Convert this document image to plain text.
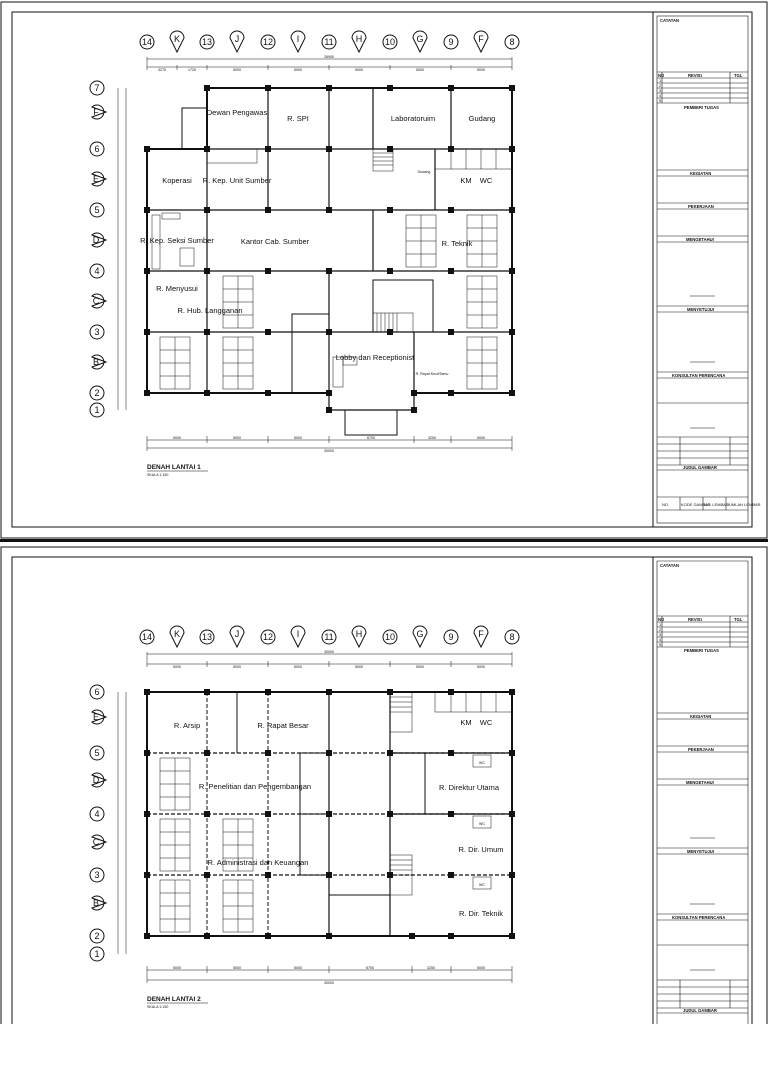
CATATAN
NO	REVISI	TGL
1
2
3
4
5
PEMBERI TUGAS
KEGIATAN
PEKERJAAN
MENGETAHUI
MENYETUJUI
KONSULTAN PERENCANA
JUDUL GAMBAR
NO.	KODE GAMBAR
NO. LEMBAR
JUMLAH LEMBAR
14 K 13	J	12	I	11 H	10 G	9	F	8
26900
3275	1725	5000	5000	5000	5000	5000
7
F
6
E
5
D
4
C
3
B
2
1
Dewan Pengawas
R. SPI	Laboratoruim	Gudang
Koperasi R. Kep. Unit Sumber	KM WC
Gudang
R. Kep. Seksi Sumber	Kantor Cab. Sumber	R. Teknik
R. Menyusui
R. Hub. Langganan
Lobby dan Receptionist
R. Rapat Kecil/Tamu
5000	5000	5000	6700	3250	5000
30000
DENAH LANTAI 1
SKALA 1:150
CATATAN
NO	REVISI	TGL
1
2
3
4
5
PEMBERI TUGAS
KEGIATAN
PEKERJAAN
MENGETAHUI
MENYETUJUI
KONSULTAN PERENCANA
JUDUL GAMBAR
14 K 13	J	12	I	11 H	10 G	9	F	8
30000
5000	5000	5000	5000	5000	5000
6
E
5
D
4
C
3
B
2
1
R. Arsip	R. Rapat Besar	KM WC
R. Penelitian dan Pengembangan	R. Direktur Utama
R. Administrasi dan Keuangan
R. Dir. Umum
R. Dir. Teknik
WC
WC
WC
5000	5000	5000	6700	3250	5000
30000
DENAH LANTAI 2
SKALA 1:150
